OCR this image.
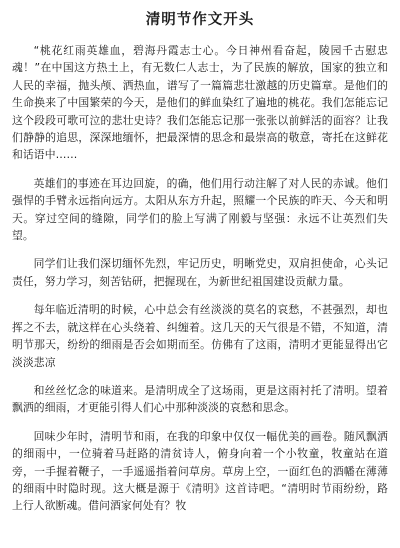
清明节作文开头

“桃花红雨英雄血，碧海丹霞志士心。今日神州看奋起，陵园千古慰忠魂！”在中国这方热土上，有无数仁人志士，为了民族的解放，国家的独立和人民的幸福，抛头颅、洒热血，谱写了一篇篇悲壮激越的历史篇章。是他们的生命换来了中国繁荣的今天，是他们的鲜血染红了遍地的桃花。我们怎能忘记这个段段可歌可泣的悲壮史诗？我们怎能忘记那一张张以前鲜活的面容？让我们静静的追思，深深地缅怀，把最深情的思念和最崇高的敬意，寄托在这鲜花和话语中……

英雄们的事迹在耳边回旋，的确，他们用行动注解了对人民的赤诚。他们强悍的手臂永远指向远方。太阳从东方升起，照耀一个民族的昨天、今天和明天。穿过空间的缝隙，同学们的脸上写满了刚毅与坚强：永远不让英烈们失望。

同学们让我们深切缅怀先烈，牢记历史，明晰党史，双肩担使命，心头记责任，努力学习，刻苦钻研，把握现在，为新世纪祖国建设贡献力量。

每年临近清明的时候，心中总会有丝淡淡的莫名的哀愁，不甚强烈，却也挥之不去，就这样在心头绕着、纠缠着。这几天的天气很是不错，不知道，清明节那天，纷纷的细雨是否会如期而至。仿佛有了这雨，清明才更能显得出它淡淡悲凉

和丝丝忆念的味道来。是清明成全了这场雨，更是这雨衬托了清明。望着飘洒的细雨，才更能引得人们心中那种淡淡的哀愁和思念。

回味少年时，清明节和雨，在我的印象中仅仅一幅优美的画卷。随风飘洒的细雨中，一位骑着马赶路的清贫诗人，俯身向着一个小牧童，牧童站在道旁，一手握着鞭子，一手遥遥指着问草房。草房上空，一面红色的酒幡在薄薄的细雨中时隐时现。这大概是源于《清明》这首诗吧。“清明时节雨纷纷，路上行人欲断魂。借问酒家何处有？牧
